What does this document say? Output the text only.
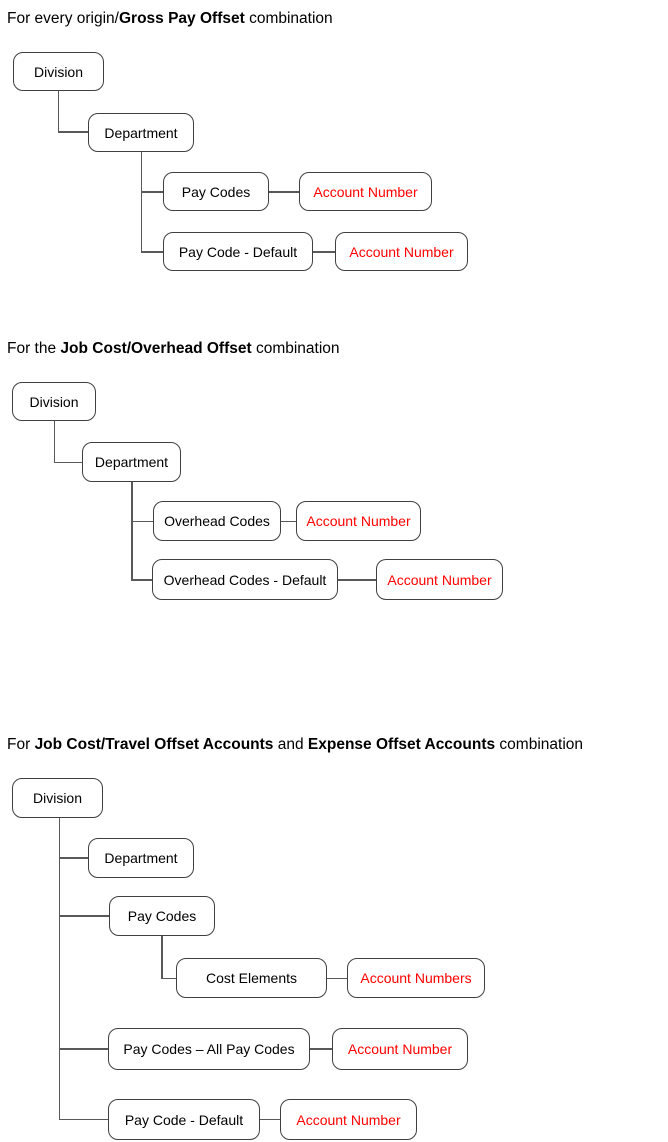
For every origin/Gross Pay Offset combination
Division
Department
Pay Codes	Account Number
Pay Code - Default	Account Number
For the Job Cost/Overhead Offset combination
Division
Department
Overhead Codes	Account Number
Overhead Codes - Default	Account Number
For Job Cost/Travel Offset Accounts and Expense Offset Accounts combination
Division
Department
Pay Codes
Cost Elements	Account Numbers
Pay Codes – All Pay Codes	Account Number
Pay Code - Default	Account Number
